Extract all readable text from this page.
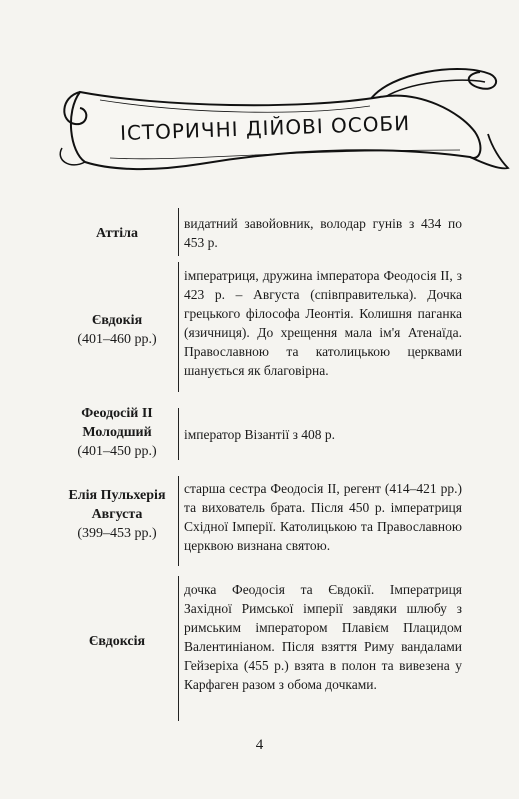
ІСТОРИЧНІ ДІЙОВІ ОСОБИ
Аттіла
видатний завойовник, володар гунів з 434 по 453 р.
Євдокія
(401–460 рр.)
імператриця, дружина імператора Феодосія II, з 423 р. – Августа (співправителька). Дочка грецького філософа Леонтія. Колишня паганка (язичниця). До хрещення мала ім'я Атенаїда. Православною та католицькою церквами шанується як благовірна.
Феодосій II Молодший
(401–450 рр.)
імператор Візантії з 408 р.
Елія Пульхерія Августа
(399–453 рр.)
старша сестра Феодосія II, регент (414–421 рр.) та вихователь брата. Після 450 р. імператриця Східної Імперії. Католицькою та Православною церквою визнана святою.
Євдоксія
дочка Феодосія та Євдокії. Імператриця Західної Римської імперії завдяки шлюбу з римським імператором Плавієм Плацидом Валентиніаном. Після взяття Риму вандалами Гейзеріха (455 р.) взята в полон та вивезена у Карфаген разом з обома дочками.
4
